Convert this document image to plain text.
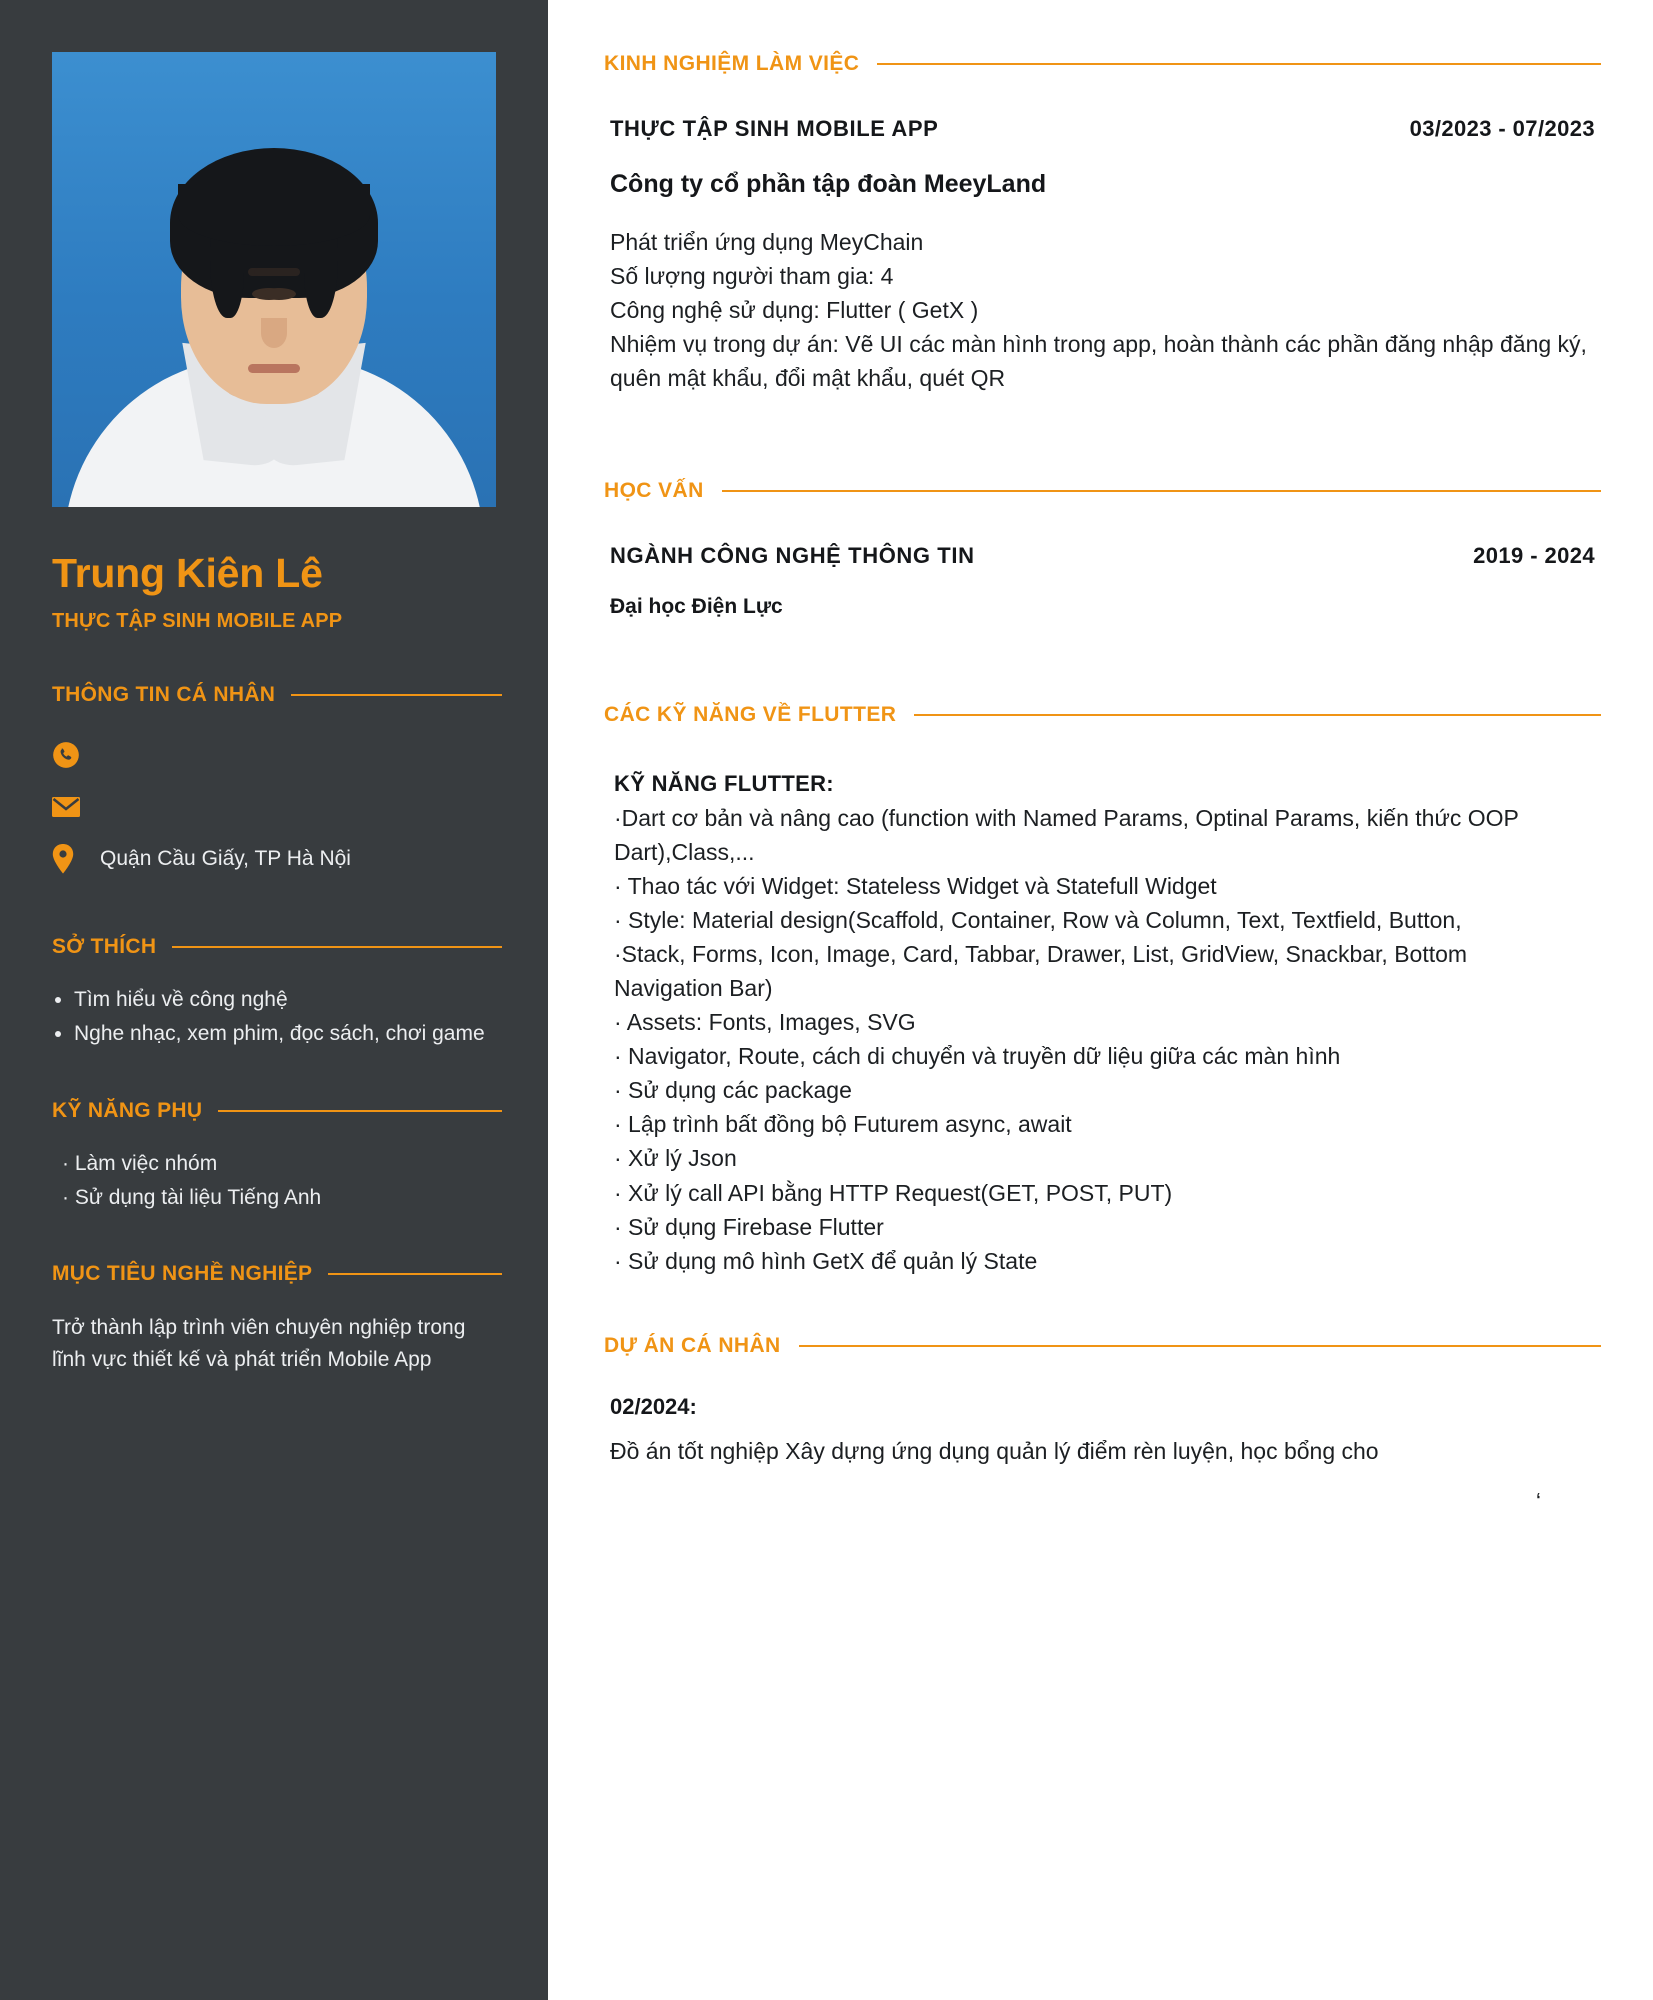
Trung Kiên Lê
THỰC TẬP SINH MOBILE APP
THÔNG TIN CÁ NHÂN
Quận Cầu Giấy, TP Hà Nội
SỞ THÍCH
• Tìm hiểu về công nghệ
• Nghe nhạc, xem phim, đọc sách, chơi game
KỸ NĂNG PHỤ
· Làm việc nhóm
· Sử dụng tài liệu Tiếng Anh
MỤC TIÊU NGHỀ NGHIỆP

Trở thành lập trình viên chuyên nghiệp trong lĩnh vực thiết kế và phát triển Mobile App

KINH NGHIỆM LÀM VIỆC
THỰC TẬP SINH MOBILE APP	03/2023 - 07/2023
Công ty cổ phần tập đoàn MeeyLand
Phát triển ứng dụng MeyChain
Số lượng người tham gia: 4
Công nghệ sử dụng: Flutter ( GetX )
Nhiệm vụ trong dự án: Vẽ UI các màn hình trong app, hoàn thành các phần đăng nhập đăng ký, quên mật khẩu, đổi mật khẩu, quét QR
HỌC VẤN
NGÀNH CÔNG NGHỆ THÔNG TIN	2019 - 2024
Đại học Điện Lực
CÁC KỸ NĂNG VỀ FLUTTER
KỸ NĂNG FLUTTER:
·Dart cơ bản và nâng cao (function with Named Params, Optinal Params, kiến thức OOP Dart),Class,...
· Thao tác với Widget: Stateless Widget và Statefull Widget
· Style: Material design(Scaffold, Container, Row và Column, Text, Textfield, Button,
·Stack, Forms, Icon, Image, Card, Tabbar, Drawer, List, GridView, Snackbar, Bottom
Navigation Bar)
· Assets: Fonts, Images, SVG
· Navigator, Route, cách di chuyển và truyền dữ liệu giữa các màn hình
· Sử dụng các package
· Lập trình bất đồng bộ Futurem async, await
· Xử lý Json
· Xử lý call API bằng HTTP Request(GET, POST, PUT)
· Sử dụng Firebase Flutter
· Sử dụng mô hình GetX để quản lý State
DỰ ÁN CÁ NHÂN
02/2024:
Đồ án tốt nghiệp Xây dựng ứng dụng quản lý điểm rèn luyện, học bổng cho
‘
